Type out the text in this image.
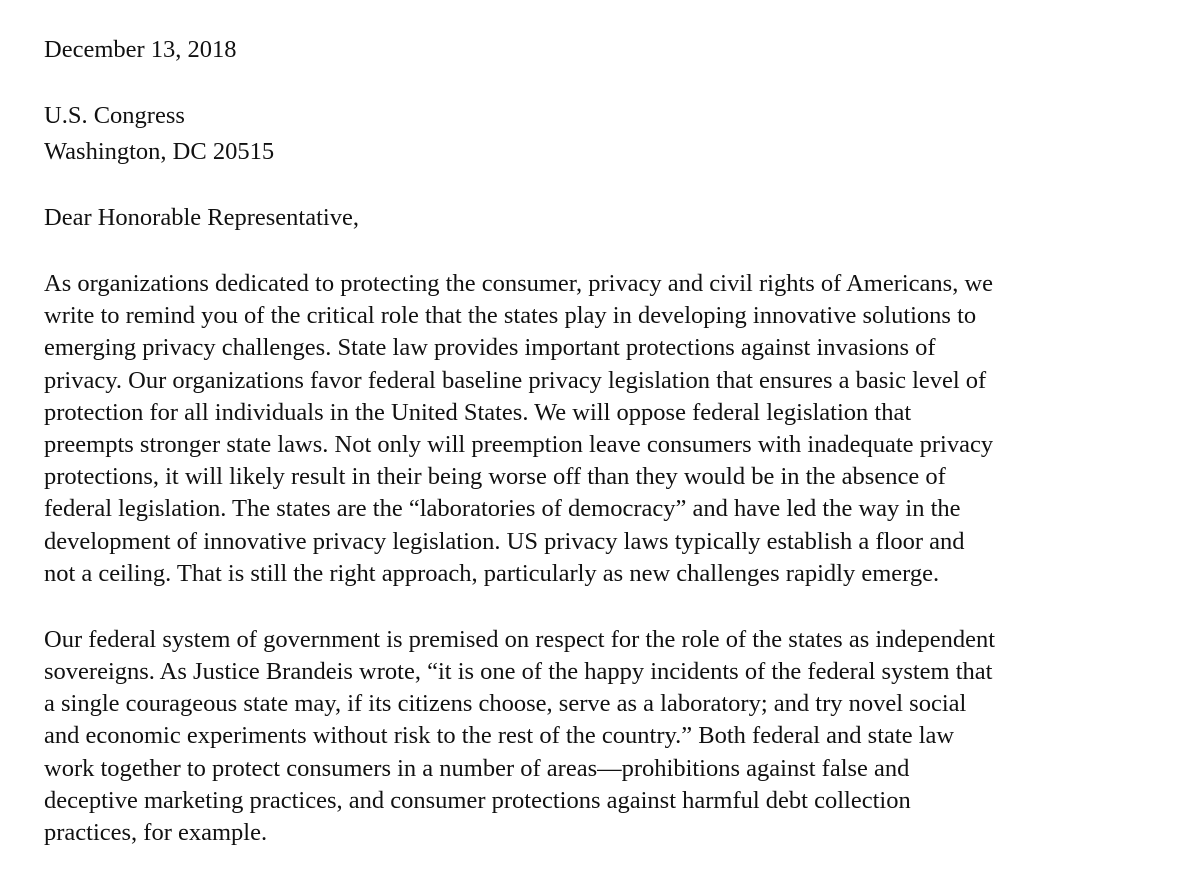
December 13, 2018
U.S. Congress
Washington, DC 20515
Dear Honorable Representative,
As organizations dedicated to protecting the consumer, privacy and civil rights of Americans, we
write to remind you of the critical role that the states play in developing innovative solutions to
emerging privacy challenges. State law provides important protections against invasions of
privacy. Our organizations favor federal baseline privacy legislation that ensures a basic level of
protection for all individuals in the United States. We will oppose federal legislation that
preempts stronger state laws. Not only will preemption leave consumers with inadequate privacy
protections, it will likely result in their being worse off than they would be in the absence of
federal legislation. The states are the “laboratories of democracy” and have led the way in the
development of innovative privacy legislation. US privacy laws typically establish a floor and
not a ceiling. That is still the right approach, particularly as new challenges rapidly emerge.
Our federal system of government is premised on respect for the role of the states as independent
sovereigns. As Justice Brandeis wrote, “it is one of the happy incidents of the federal system that
a single courageous state may, if its citizens choose, serve as a laboratory; and try novel social
and economic experiments without risk to the rest of the country.” Both federal and state law
work together to protect consumers in a number of areas—prohibitions against false and
deceptive marketing practices, and consumer protections against harmful debt collection
practices, for example.
